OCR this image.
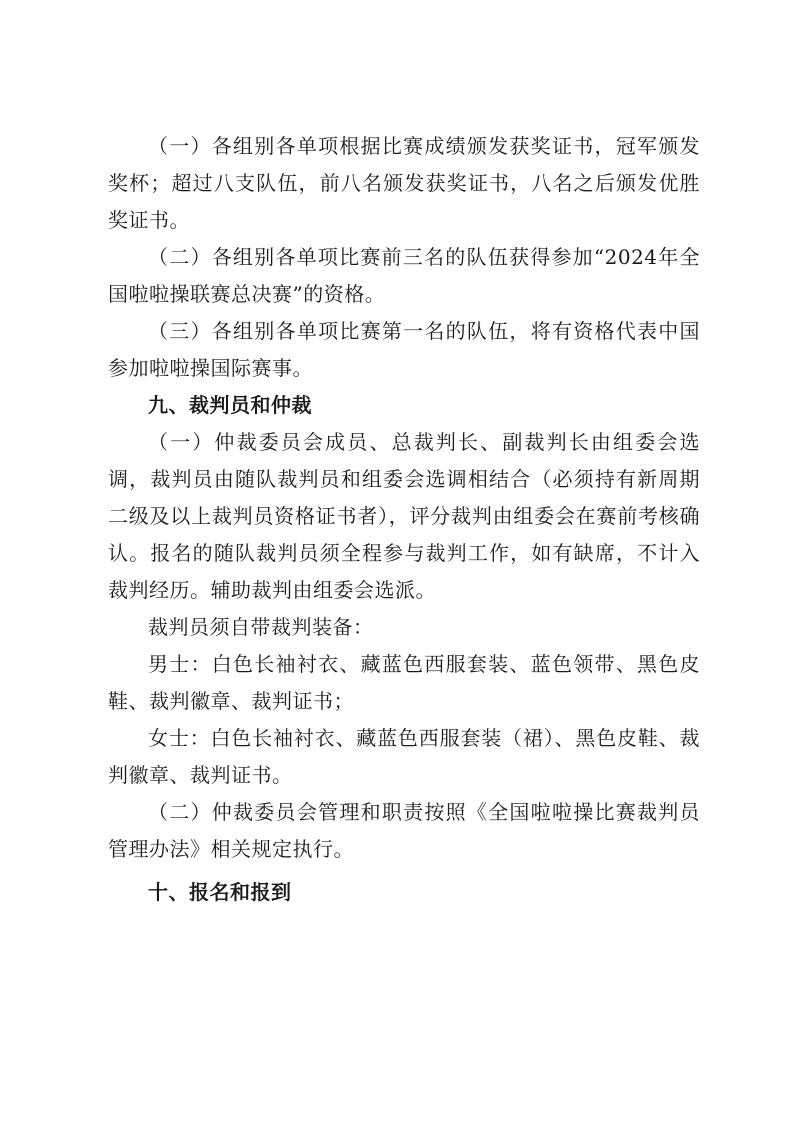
（一）各组别各单项根据比赛成绩颁发获奖证书，冠军颁发奖杯；超过八支队伍，前八名颁发获奖证书，八名之后颁发优胜奖证书。

（二）各组别各单项比赛前三名的队伍获得参加“2024年全国啦啦操联赛总决赛”的资格。

（三）各组别各单项比赛第一名的队伍，将有资格代表中国参加啦啦操国际赛事。

九、裁判员和仲裁

（一）仲裁委员会成员、总裁判长、副裁判长由组委会选调，裁判员由随队裁判员和组委会选调相结合（必须持有新周期二级及以上裁判员资格证书者），评分裁判由组委会在赛前考核确认。报名的随队裁判员须全程参与裁判工作，如有缺席，不计入裁判经历。辅助裁判由组委会选派。

裁判员须自带裁判装备：

男士：白色长袖衬衣、藏蓝色西服套装、蓝色领带、黑色皮鞋、裁判徽章、裁判证书；

女士：白色长袖衬衣、藏蓝色西服套装（裙）、黑色皮鞋、裁判徽章、裁判证书。

（二）仲裁委员会管理和职责按照《全国啦啦操比赛裁判员管理办法》相关规定执行。

十、报名和报到
